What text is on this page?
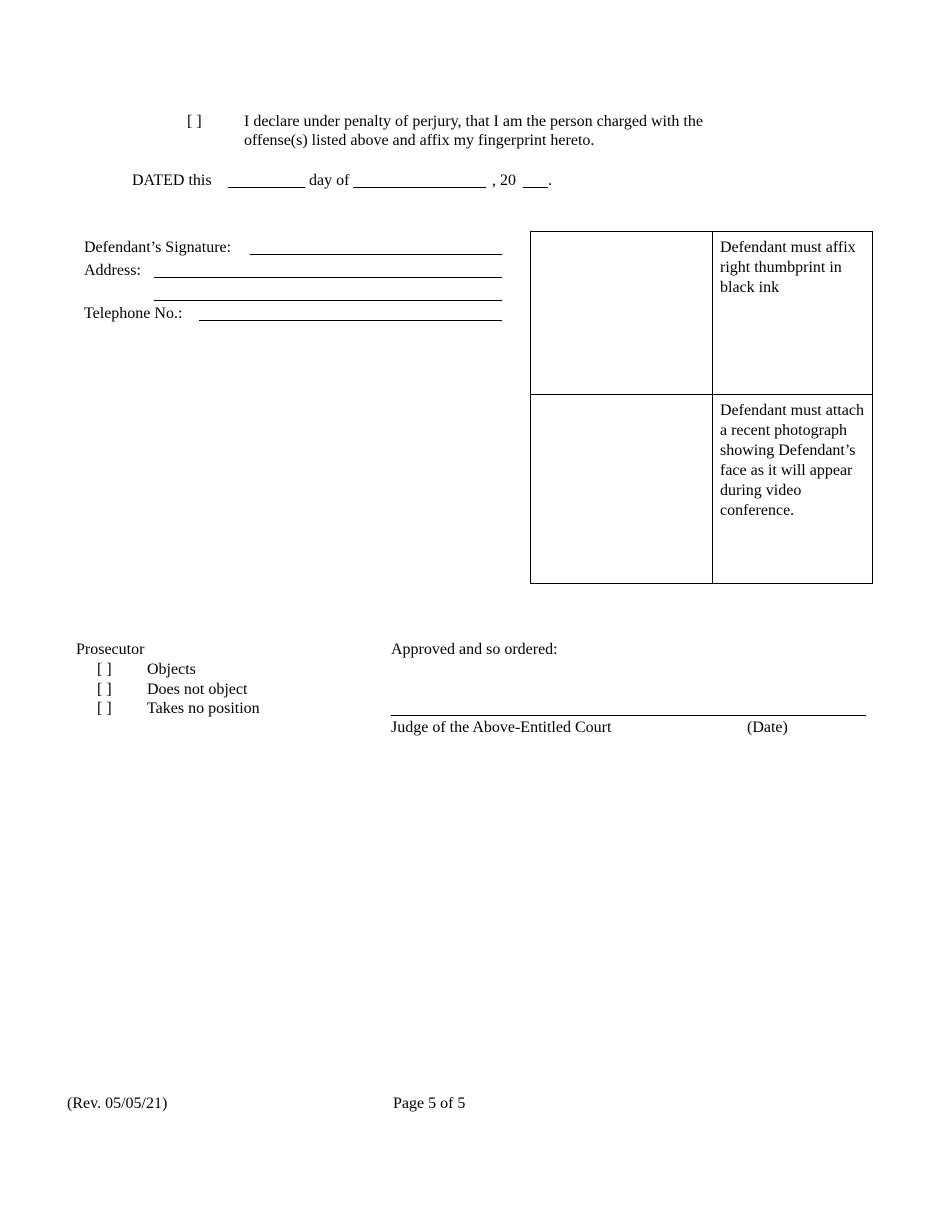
[ ]	I declare under penalty of perjury, that I am the person charged with the
offense(s) listed above and affix my fingerprint hereto.
DATED this	day of	, 20 .
Defendant’s Signature:
Address:
Telephone No.:
Defendant must affix right thumbprint in black ink
Defendant must attach a recent photograph showing Defendant’s face as it will appear during video conference.
Prosecutor
[ ] Objects
[ ] Does not object
[ ] Takes no position
Approved and so ordered:
Judge of the Above-Entitled Court	(Date)
(Rev. 05/05/21)	Page 5 of 5
